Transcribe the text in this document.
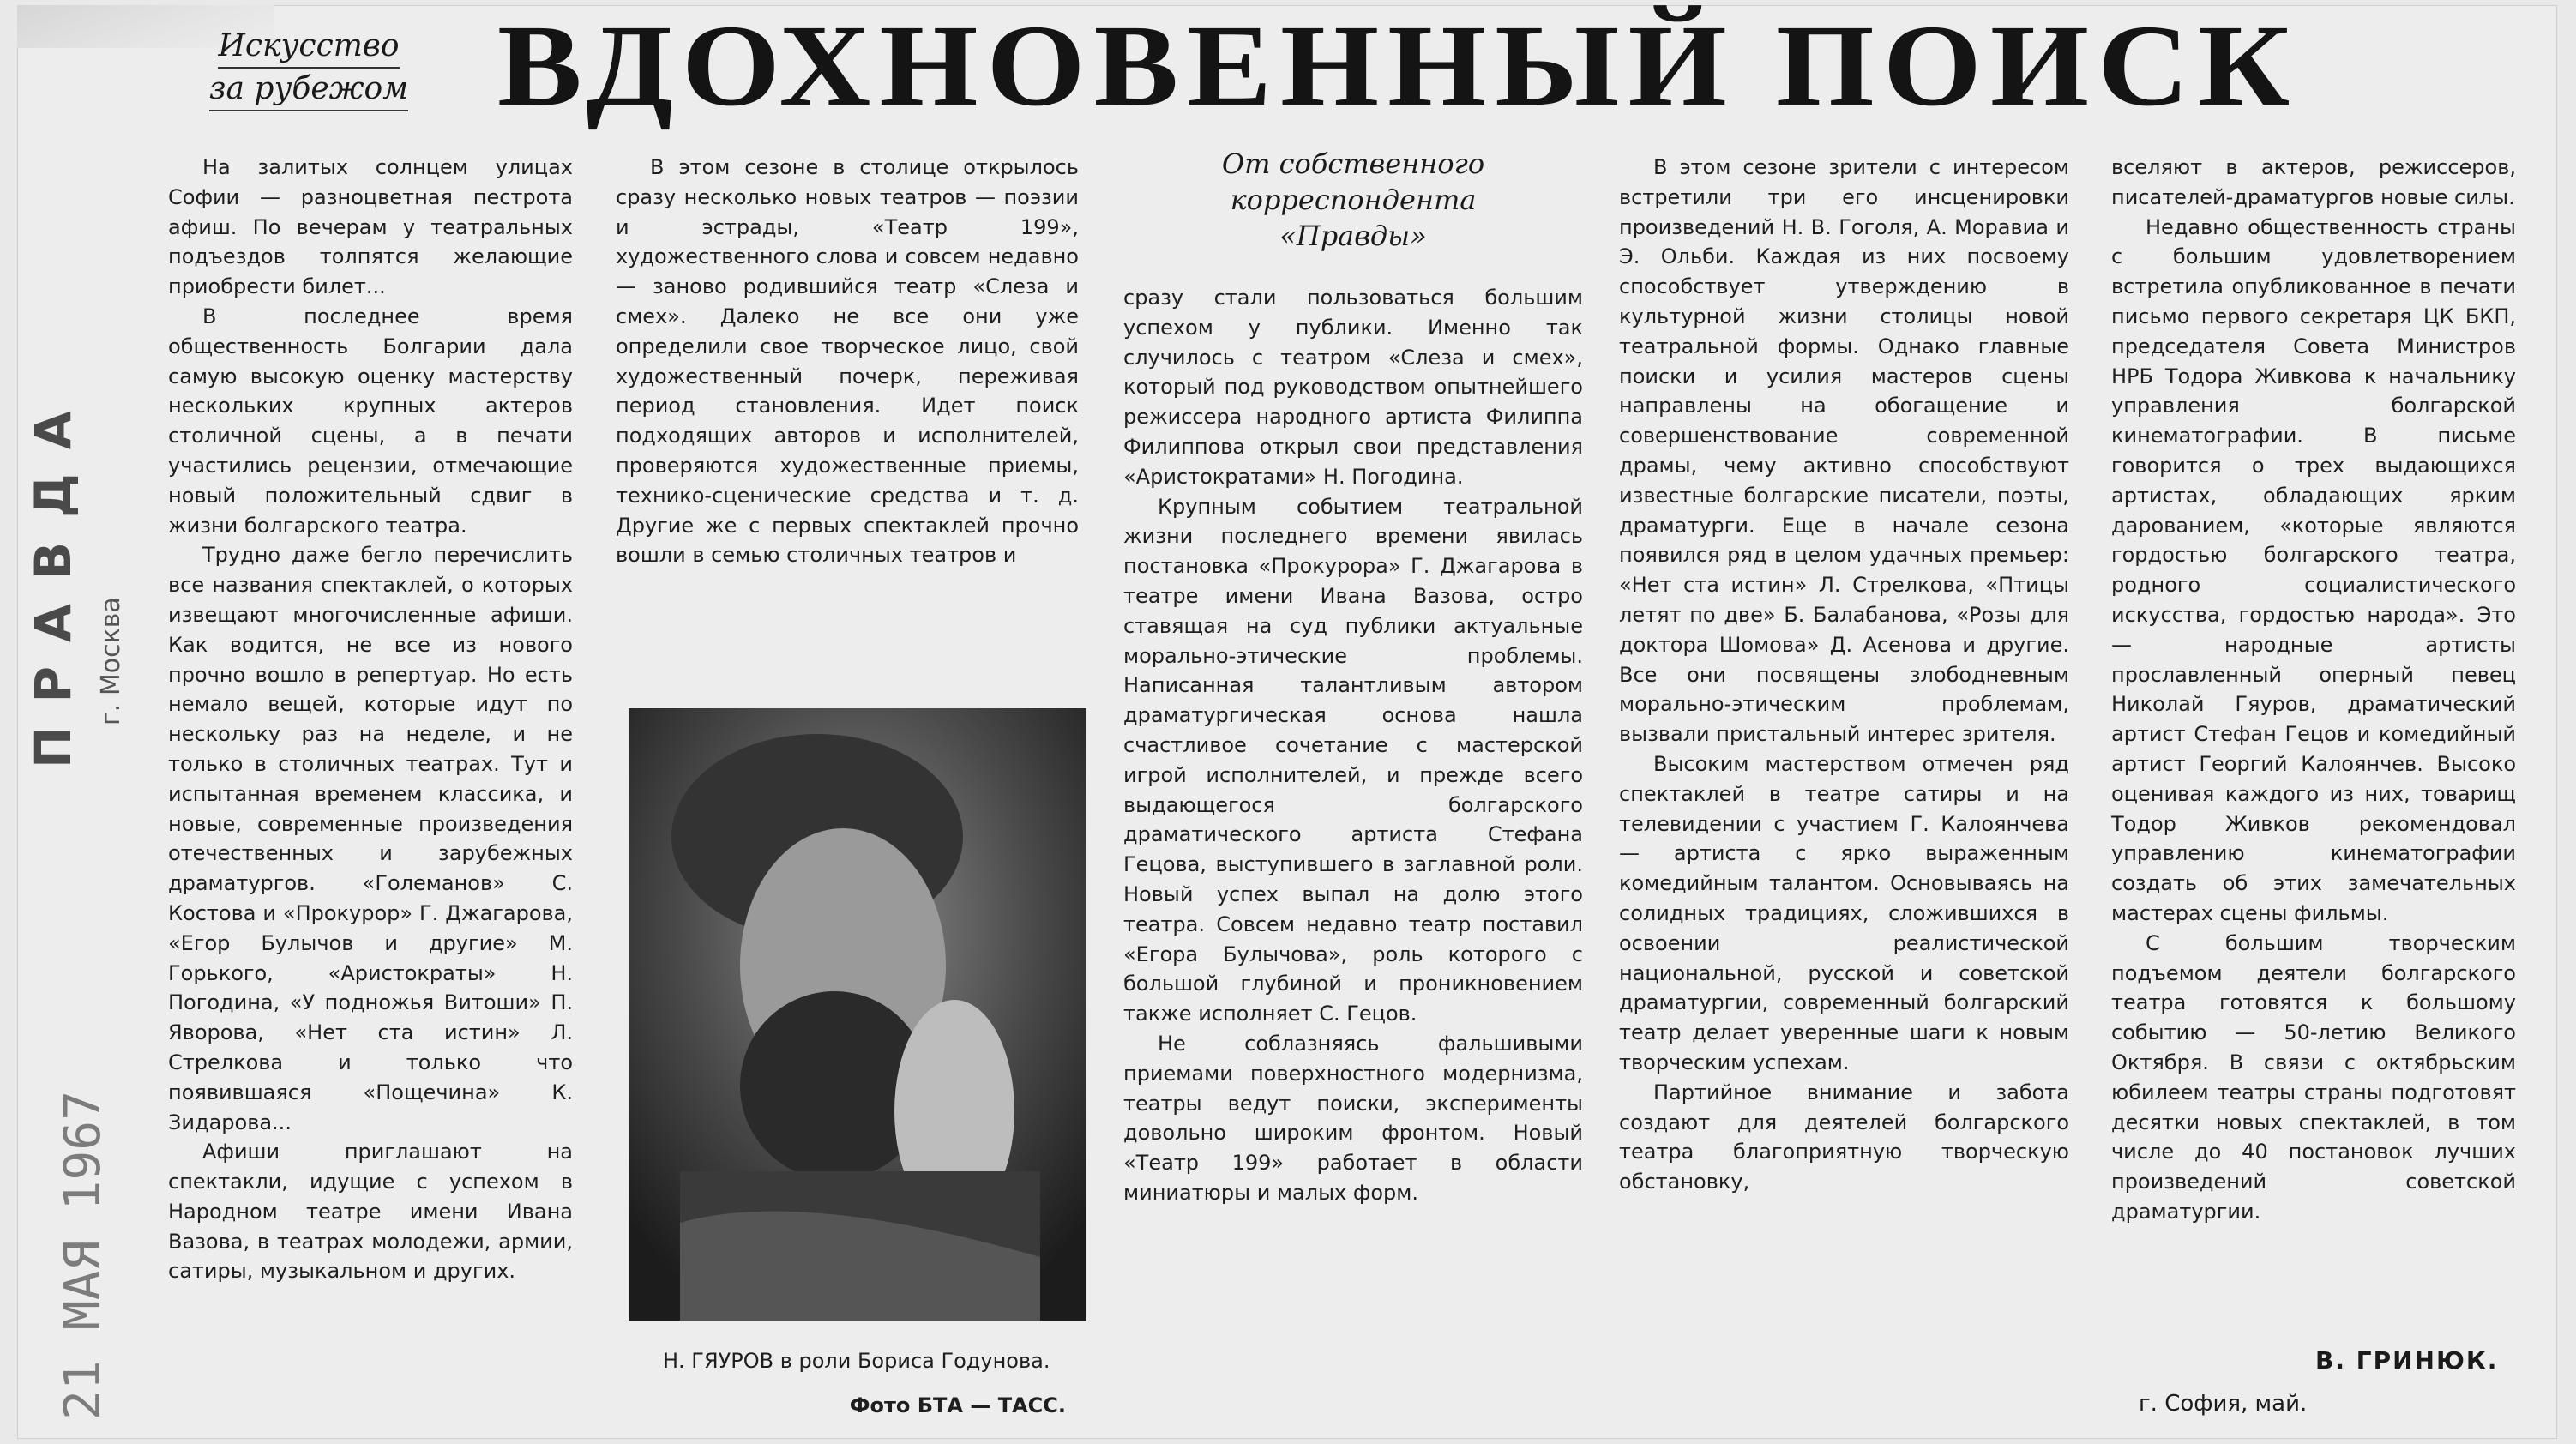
ПРАВДА г. Москва
21 МАЯ 1967
Искусство
за рубежом ВДОХНОВЕННЫЙ ПОИСК

На залитых солнцем улицах Софии — разноцветная пестрота афиш. По вечерам у театральных подъездов толпятся желающие приобрести билет...

В последнее время общественность Болгарии дала самую высокую оценку мастерству нескольких крупных актеров столичной сцены, а в печати участились рецензии, отмечающие новый положительный сдвиг в жизни болгарского театра.

Трудно даже бегло перечислить все названия спектаклей, о которых извещают многочисленные афиши. Как водится, не все из нового прочно вошло в репертуар. Но есть немало вещей, которые идут по нескольку раз на неделе, и не только в столичных театрах. Тут и испытанная временем классика, и новые, современные произведения отечественных и зарубежных драматургов. «Големанов» С. Костова и «Прокурор» Г. Джагарова, «Егор Булычов и другие» М. Горького, «Аристократы» Н. Погодина, «У подножья Витоши» П. Яворова, «Нет ста истин» Л. Стрелкова и только что появившаяся «Пощечина» К. Зидарова...

Афиши приглашают на спектакли, идущие с успехом в Народном театре имени Ивана Вазова, в театрах молодежи, армии, сатиры, музыкальном и других.

В этом сезоне в столице открылось сразу несколько новых театров — поэзии и эстрады, «Театр 199», художественного слова и совсем недавно — заново родившийся театр «Слеза и смех». Далеко не все они уже определили свое творческое лицо, свой художественный почерк, переживая период становления. Идет поиск подходящих авторов и исполнителей, проверяются художественные приемы, технико-сценические средства и т. д. Другие же с первых спектаклей прочно вошли в семью столичных театров и

Н. ГЯУРОВ в роли Бориса Годунова.
Фото БТА — ТАСС.
От собственного
корреспондента
«Правды»

сразу стали пользоваться большим успехом у публики. Именно так случилось с театром «Слеза и смех», который под руководством опытнейшего режиссера народного артиста Филиппа Филиппова открыл свои представления «Аристократами» Н. Погодина.

Крупным событием театральной жизни последнего времени явилась постановка «Прокурора» Г. Джагарова в театре имени Ивана Вазова, остро ставящая на суд публики актуальные морально-этические проблемы. Написанная талантливым автором драматургическая основа нашла счастливое сочетание с мастерской игрой исполнителей, и прежде всего выдающегося болгарского драматического артиста Стефана Гецова, выступившего в заглавной роли. Новый успех выпал на долю этого театра. Совсем недавно театр поставил «Егора Булычова», роль которого с большой глубиной и проникновением также исполняет С. Гецов.

Не соблазняясь фальшивыми приемами поверхностного модернизма, театры ведут поиски, эксперименты довольно широким фронтом. Новый «Театр 199» работает в области миниатюры и малых форм.

В этом сезоне зрители с интересом встретили три его инсценировки произведений Н. В. Гоголя, А. Моравиа и Э. Ольби. Каждая из них посвоему способствует утверждению в культурной жизни столицы новой театральной формы. Однако главные поиски и усилия мастеров сцены направлены на обогащение и совершенствование современной драмы, чему активно способствуют известные болгарские писатели, поэты, драматурги. Еще в начале сезона появился ряд в целом удачных премьер: «Нет ста истин» Л. Стрелкова, «Птицы летят по две» Б. Балабанова, «Розы для доктора Шомова» Д. Асенова и другие. Все они посвящены злободневным морально-этическим проблемам, вызвали пристальный интерес зрителя.

Высоким мастерством отмечен ряд спектаклей в театре сатиры и на телевидении с участием Г. Калоянчева — артиста с ярко выраженным комедийным талантом. Основываясь на солидных традициях, сложившихся в освоении реалистической национальной, русской и советской драматургии, современный болгарский театр делает уверенные шаги к новым творческим успехам.

Партийное внимание и забота создают для деятелей болгарского театра благоприятную творческую обстановку,

вселяют в актеров, режиссеров, писателей-драматургов новые силы.

Недавно общественность страны с большим удовлетворением встретила опубликованное в печати письмо первого секретаря ЦК БКП, председателя Совета Министров НРБ Тодора Живкова к начальнику управления болгарской кинематографии. В письме говорится о трех выдающихся артистах, обладающих ярким дарованием, «которые являются гордостью болгарского театра, родного социалистического искусства, гордостью народа». Это — народные артисты прославленный оперный певец Николай Гяуров, драматический артист Стефан Гецов и комедийный артист Георгий Калоянчев. Высоко оценивая каждого из них, товарищ Тодор Живков рекомендовал управлению кинематографии создать об этих замечательных мастерах сцены фильмы.

С большим творческим подъемом деятели болгарского театра готовятся к большому событию — 50-летию Великого Октября. В связи с октябрьским юбилеем театры страны подготовят десятки новых спектаклей, в том числе до 40 постановок лучших произведений советской драматургии.

В. ГРИНЮК.
г. София, май.
